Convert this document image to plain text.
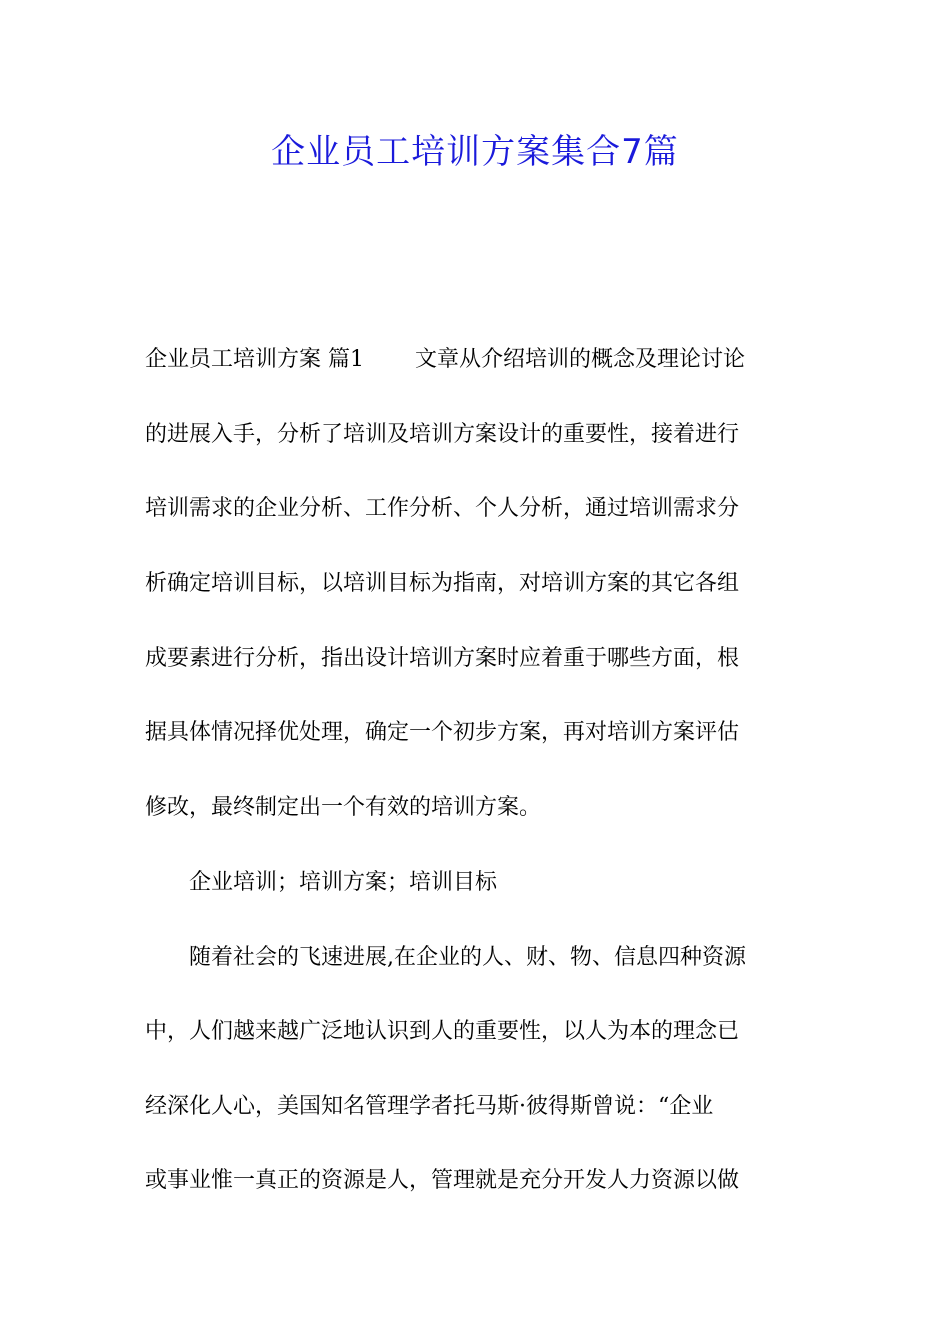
企业员工培训方案集合7篇
企业员工培训方案 篇1　　 文章从介绍培训的概念及理论讨论
的进展入手，分析了培训及培训方案设计的重要性，接着进行
培训需求的企业分析、工作分析、个人分析，通过培训需求分
析确定培训目标，以培训目标为指南，对培训方案的其它各组
成要素进行分析，指出设计培训方案时应着重于哪些方面，根
据具体情况择优处理，确定一个初步方案，再对培训方案评估
修改，最终制定出一个有效的培训方案。
　　企业培训；培训方案；培训目标
　　随着社会的飞速进展,在企业的人、财、物、信息四种资源
中，人们越来越广泛地认识到人的重要性，以人为本的理念已
经深化人心，美国知名管理学者托马斯·彼得斯曾说：“企业
或事业惟一真正的资源是人，管理就是充分开发人力资源以做
